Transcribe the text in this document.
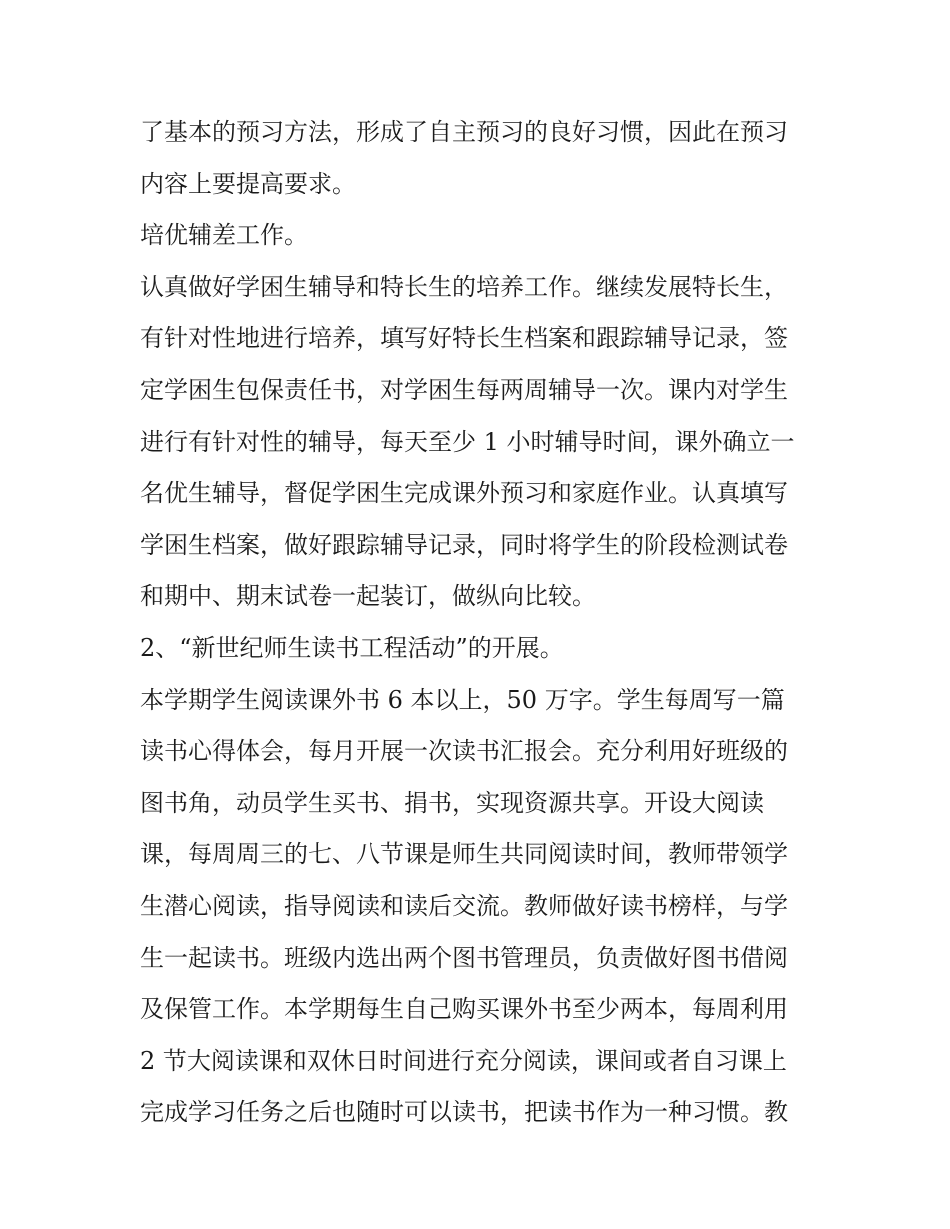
了基本的预习方法，形成了自主预习的良好习惯，因此在预习
内容上要提高要求。
培优辅差工作。
认真做好学困生辅导和特长生的培养工作。继续发展特长生，
有针对性地进行培养，填写好特长生档案和跟踪辅导记录，签
定学困生包保责任书，对学困生每两周辅导一次。课内对学生
进行有针对性的辅导，每天至少 1 小时辅导时间，课外确立一
名优生辅导，督促学困生完成课外预习和家庭作业。认真填写
学困生档案，做好跟踪辅导记录，同时将学生的阶段检测试卷
和期中、期末试卷一起装订，做纵向比较。
2、“新世纪师生读书工程活动”的开展。
本学期学生阅读课外书 6 本以上，50 万字。学生每周写一篇
读书心得体会，每月开展一次读书汇报会。充分利用好班级的
图书角，动员学生买书、捐书，实现资源共享。开设大阅读
课，每周周三的七、八节课是师生共同阅读时间，教师带领学
生潜心阅读，指导阅读和读后交流。教师做好读书榜样，与学
生一起读书。班级内选出两个图书管理员，负责做好图书借阅
及保管工作。本学期每生自己购买课外书至少两本，每周利用
2 节大阅读课和双休日时间进行充分阅读，课间或者自习课上
完成学习任务之后也随时可以读书，把读书作为一种习惯。教
